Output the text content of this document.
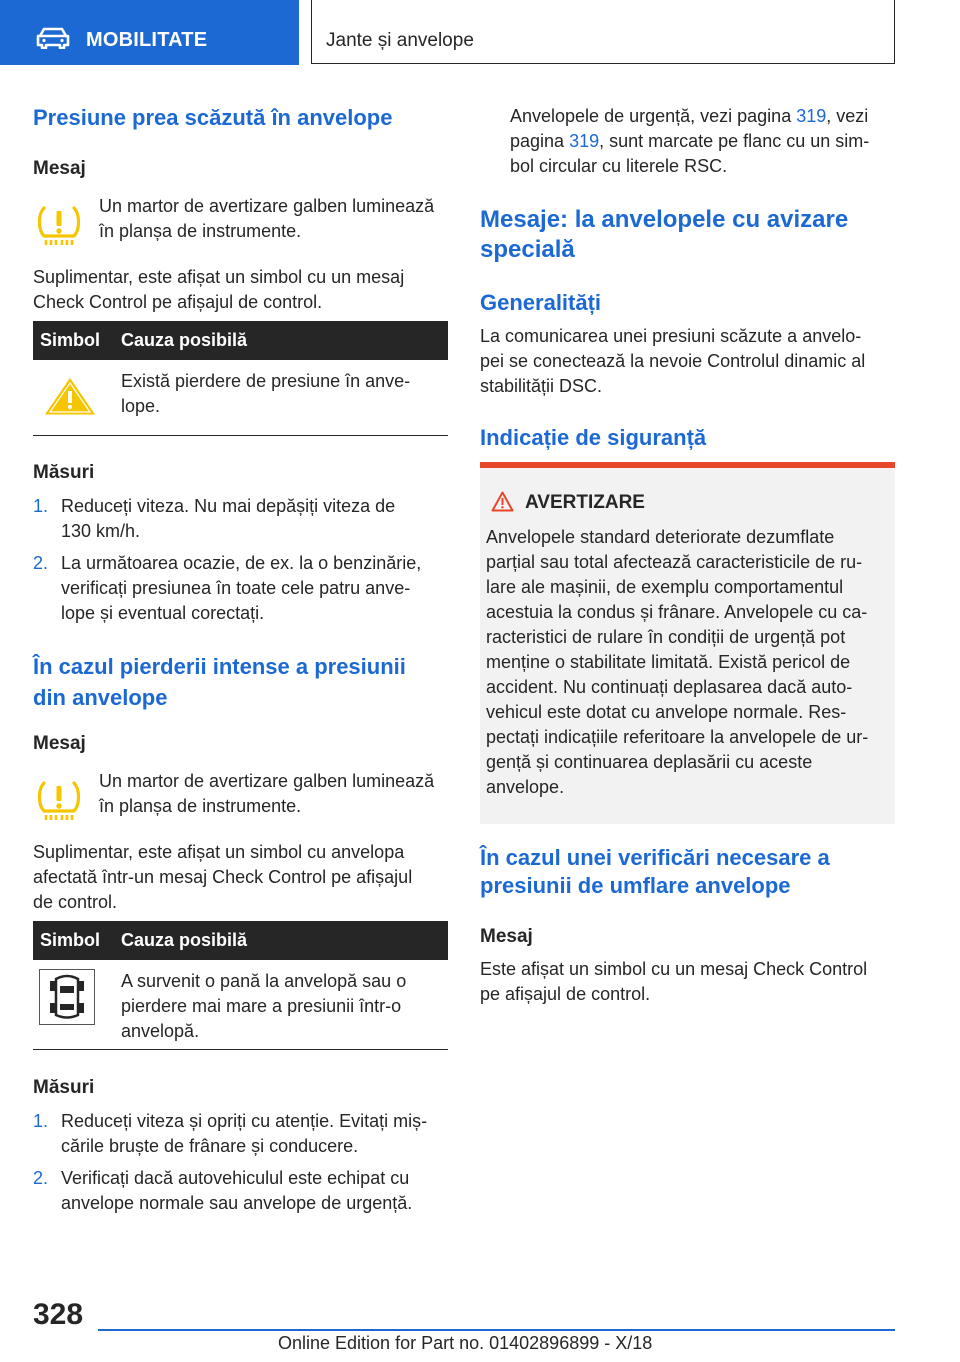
MOBILITATE	Jante și anvelope
Presiune prea scăzută în anvelope
Mesaj
Un martor de avertizare galben luminează
în planșa de instrumente.
Suplimentar, este afișat un simbol cu un mesaj
Check Control pe afișajul de control.
Simbol Cauza posibilă
Există pierdere de presiune în anve-
lope.
Măsuri
1. Reduceți viteza. Nu mai depășiți viteza de
130 km/h.
2. La următoarea ocazie, de ex. la o benzinărie,
verificați presiunea în toate cele patru anve-
lope și eventual corectați.
În cazul pierderii intense a presiunii
din anvelope
Mesaj
Un martor de avertizare galben luminează
în planșa de instrumente.
Suplimentar, este afișat un simbol cu anvelopa
afectată într-un mesaj Check Control pe afișajul
de control.
Simbol Cauza posibilă
A survenit o pană la anvelopă sau o
pierdere mai mare a presiunii într-o
anvelopă.
Măsuri
1. Reduceți viteza și opriți cu atenție. Evitați miș-
cările bruște de frânare și conducere.
2. Verificați dacă autovehiculul este echipat cu
anvelope normale sau anvelope de urgență.
Anvelopele de urgență, vezi pagina 319, vezi
pagina 319, sunt marcate pe flanc cu un sim-
bol circular cu literele RSC.
Mesaje: la anvelopele cu avizare
specială
Generalități
La comunicarea unei presiuni scăzute a anvelo-
pei se conectează la nevoie Controlul dinamic al
stabilității DSC.
Indicație de siguranță
AVERTIZARE
Anvelopele standard deteriorate dezumflate
parțial sau total afectează caracteristicile de ru-
lare ale mașinii, de exemplu comportamentul
acestuia la condus și frânare. Anvelopele cu ca-
racteristici de rulare în condiții de urgență pot
menține o stabilitate limitată. Există pericol de
accident. Nu continuați deplasarea dacă auto-
vehicul este dotat cu anvelope normale. Res-
pectați indicațiile referitoare la anvelopele de ur-
gență și continuarea deplasării cu aceste
anvelope.
În cazul unei verificări necesare a
presiunii de umflare anvelope
Mesaj
Este afișat un simbol cu un mesaj Check Control
pe afișajul de control.
328
Online Edition for Part no. 01402896899 - X/18
